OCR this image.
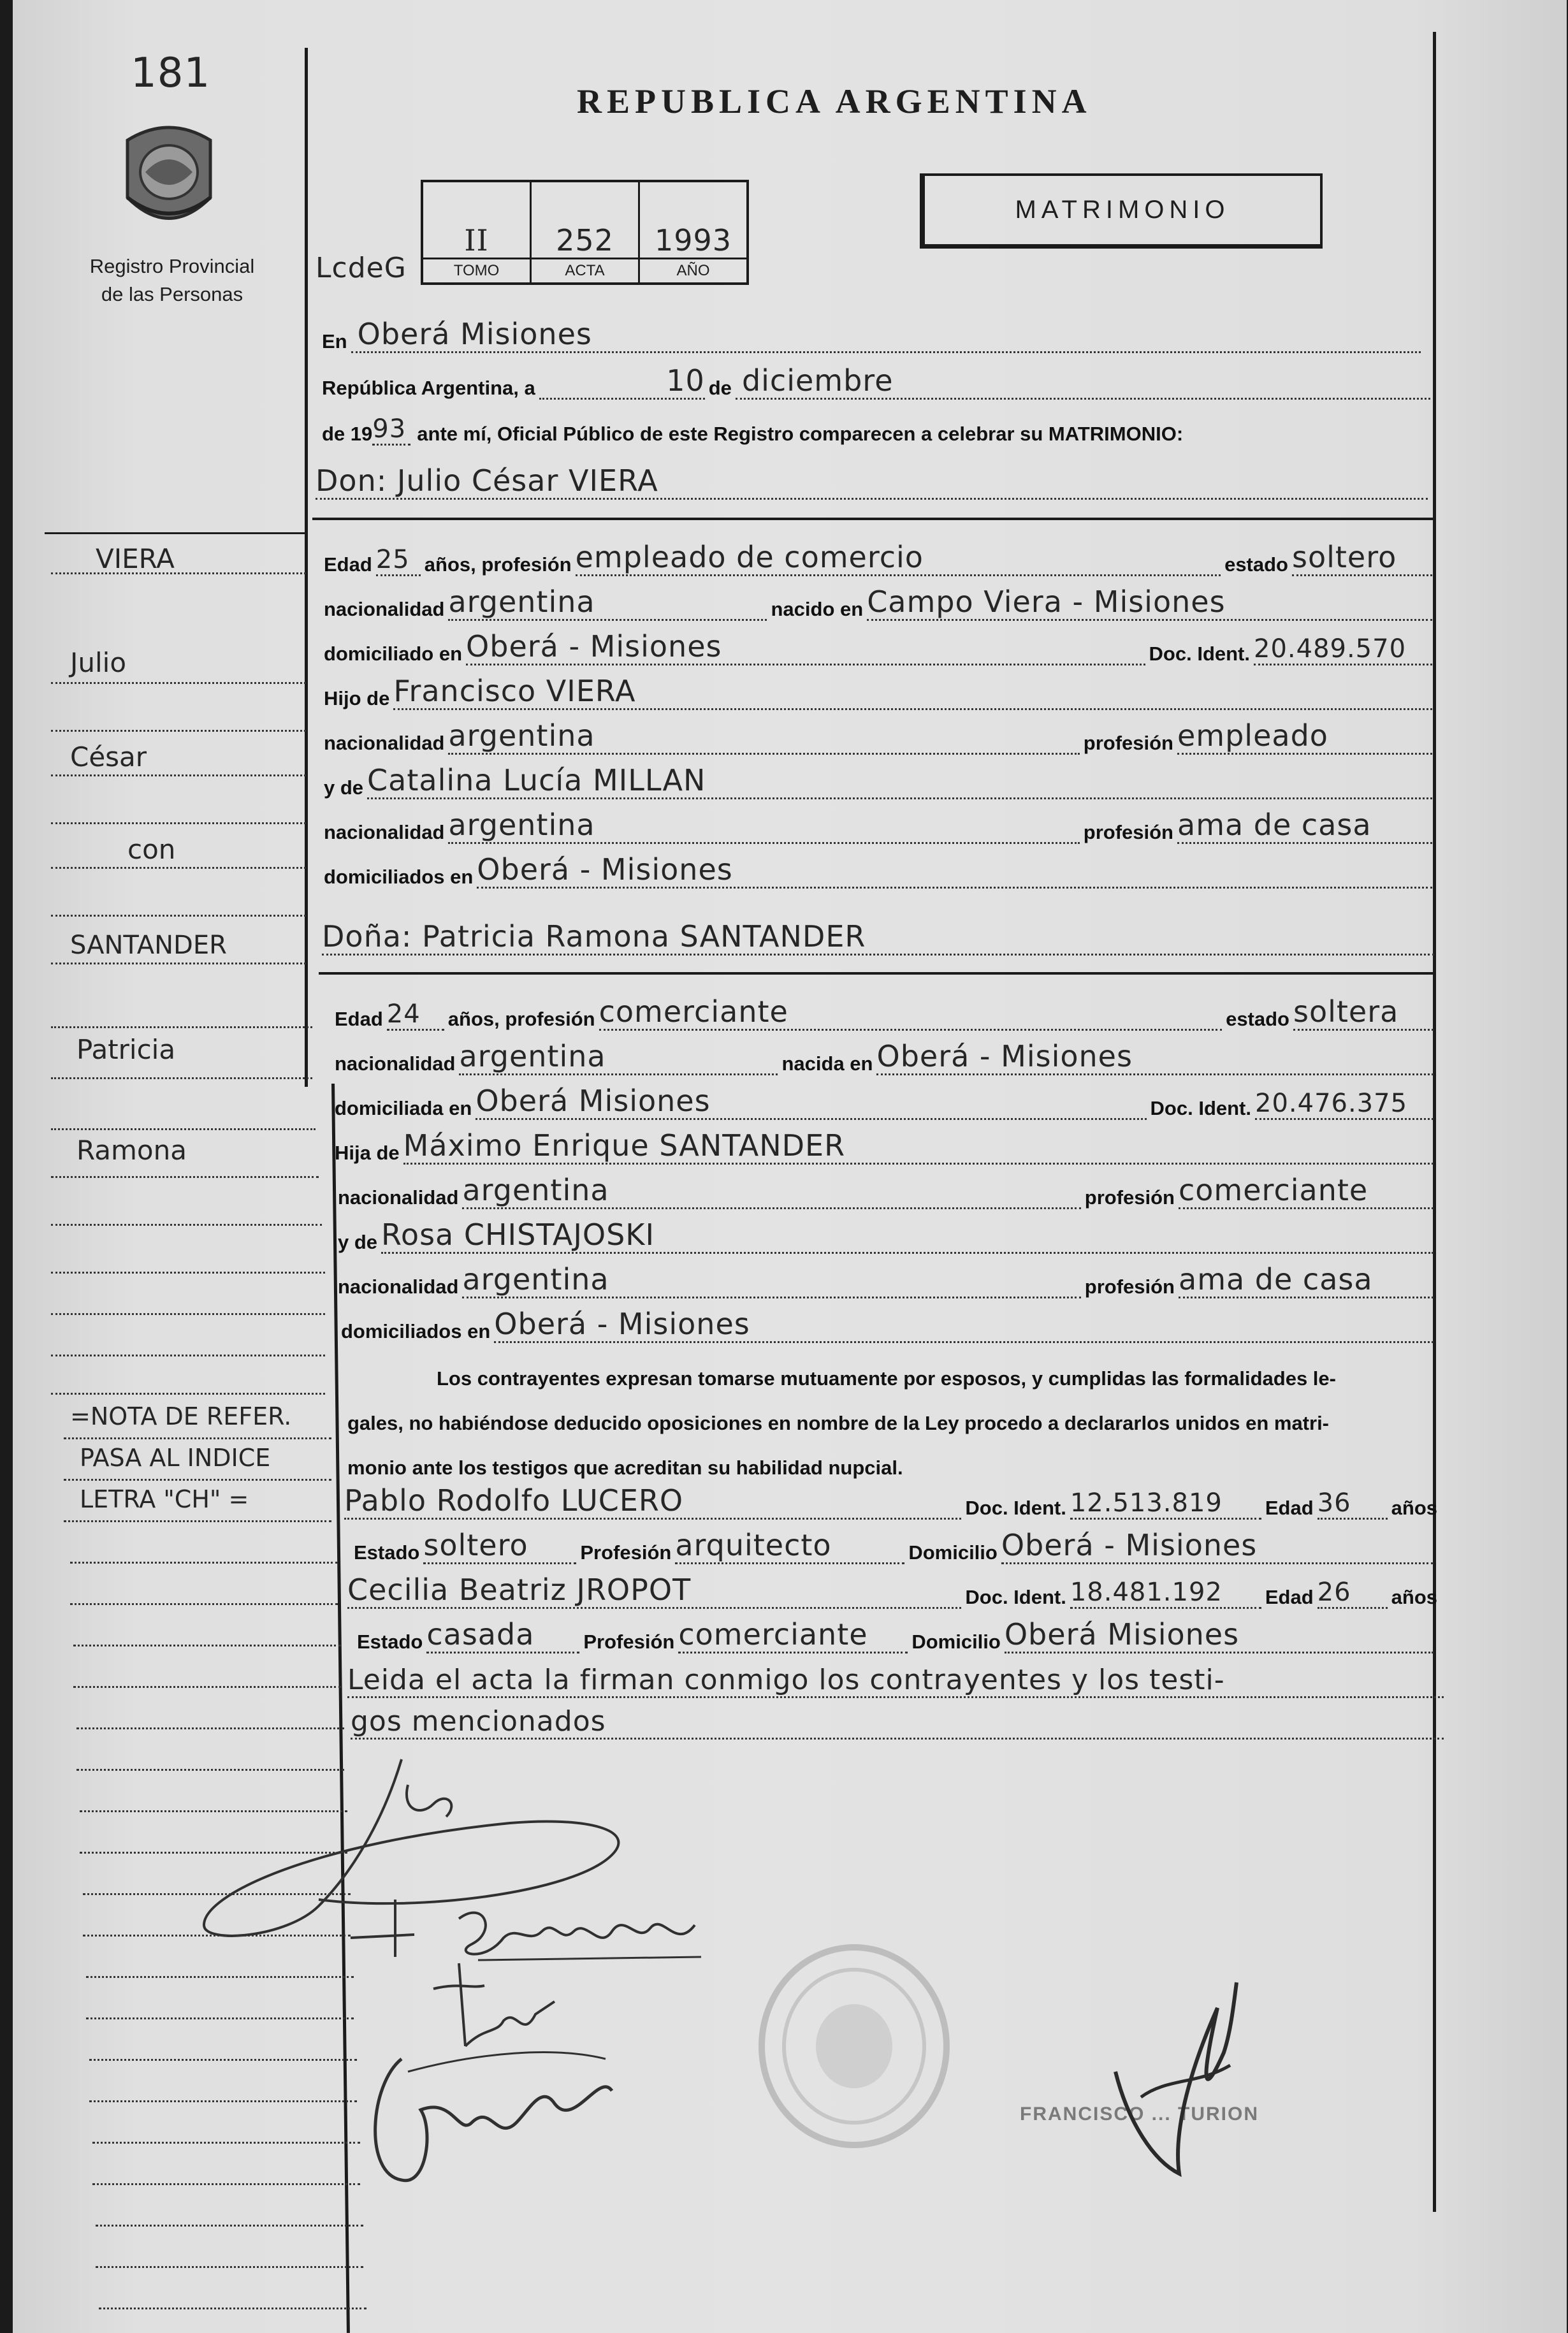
181
Registro Provincial
de las Personas
REPUBLICA ARGENTINA
MATRIMONIO
LcdeG
II
TOMO
252
ACTA
1993
AÑO
En Oberá Misiones
República Argentina, a	10 de diciembre
de 19 93 ante mí, Oficial Público de este Registro comparecen a celebrar su MATRIMONIO:
Don: Julio César VIERA
Edad 25 años, profesión empleado de comercio	estado soltero
nacionalidad argentina	nacido en Campo Viera - Misiones
domiciliado en Oberá - Misiones	Doc. Ident. 20.489.570
Hijo de Francisco VIERA
nacionalidad argentina	profesión empleado
y de Catalina Lucía MILLAN
nacionalidad argentina	profesión ama de casa
domiciliados en Oberá - Misiones
Doña: Patricia Ramona SANTANDER
Edad 24 años, profesión comerciante	estado soltera
nacionalidad argentina	nacida en Oberá - Misiones
domiciliada en Oberá Misiones	Doc. Ident. 20.476.375
Hija de Máximo Enrique SANTANDER
nacionalidad argentina	profesión comerciante
y de Rosa CHISTAJOSKI
nacionalidad argentina	profesión ama de casa
domiciliados en Oberá - Misiones
Los contrayentes expresan tomarse mutuamente por esposos, y cumplidas las formalidades le-
gales, no habiéndose deducido oposiciones en nombre de la Ley procedo a declararlos unidos en matri-
monio ante los testigos que acreditan su habilidad nupcial.
Pablo Rodolfo LUCERO	Doc. Ident. 12.513.819 Edad 36 años
Estado soltero	Profesión arquitecto	Domicilio Oberá - Misiones
Cecilia Beatriz JROPOT	Doc. Ident. 18.481.192 Edad 26 años
Estado casada Profesión comerciante Domicilio Oberá Misiones
Leida el acta la firman conmigo los contrayentes y los testi-
gos mencionados
FRANCISCO ... TURION
VIERA
Julio
César
con
SANTANDER
Patricia
Ramona
=NOTA DE REFER.
PASA AL INDICE
LETRA "CH" =
